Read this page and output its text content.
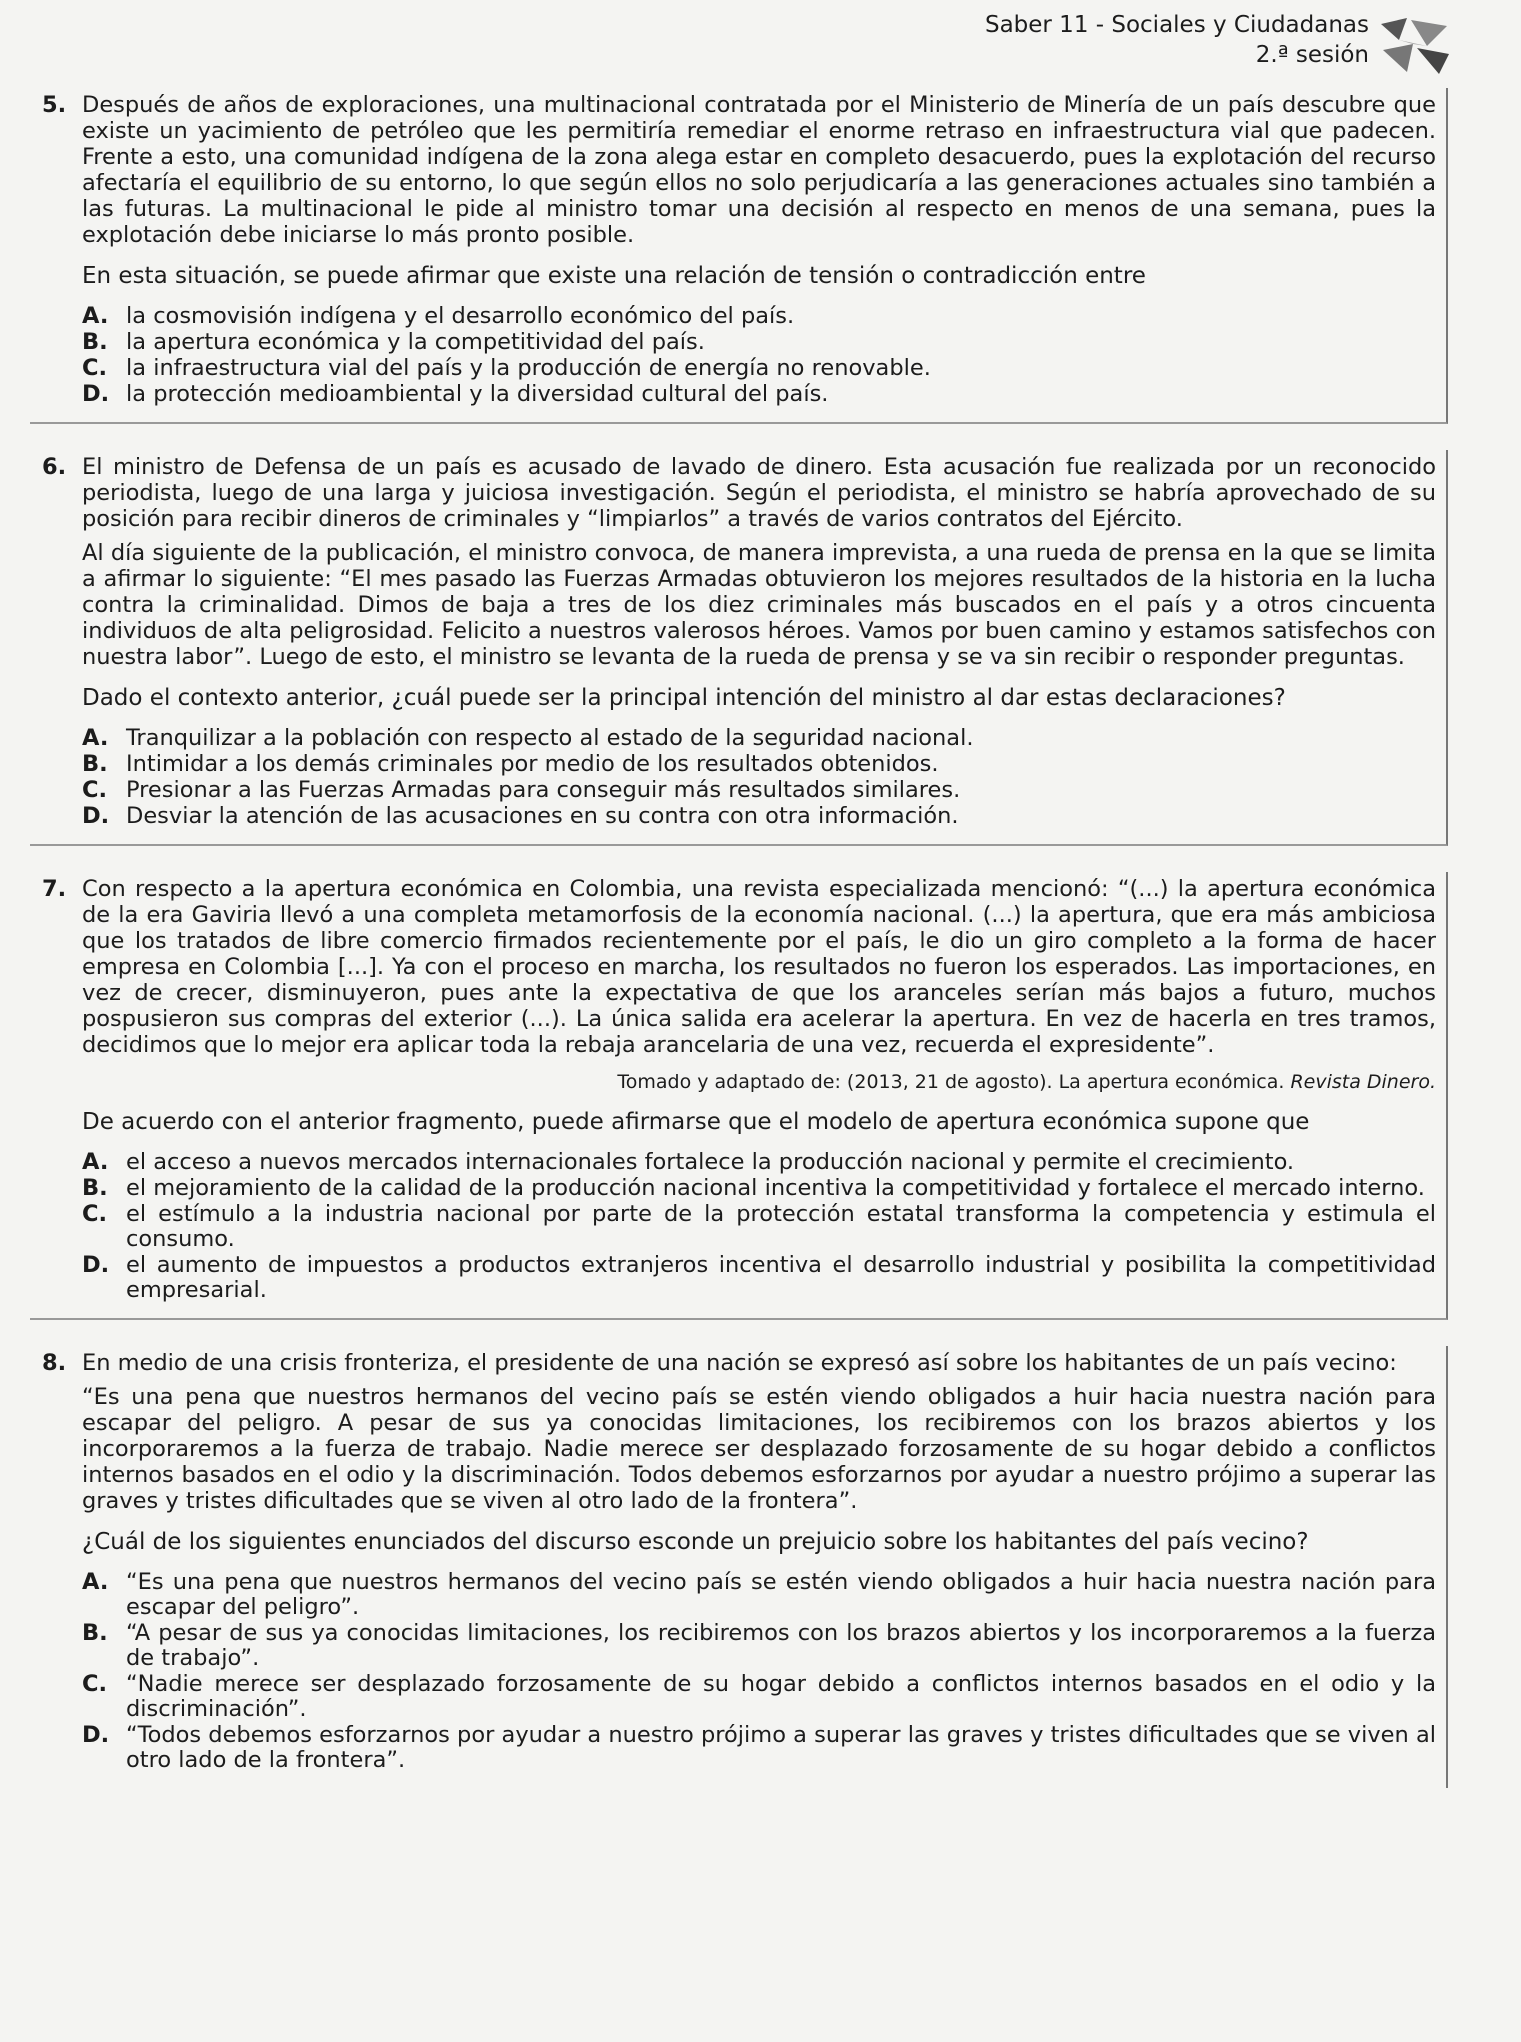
Saber 11 - Sociales y Ciudadanas
2.ª sesión

5. Después de años de exploraciones, una multinacional contratada por el Ministerio de Minería de un país descubre que existe un yacimiento de petróleo que les permitiría remediar el enorme retraso en infraestructura vial que padecen. Frente a esto, una comunidad indígena de la zona alega estar en completo desacuerdo, pues la explotación del recurso afectaría el equilibrio de su entorno, lo que según ellos no solo perjudicaría a las generaciones actuales sino también a las futuras. La multinacional le pide al ministro tomar una decisión al respecto en menos de una semana, pues la explotación debe iniciarse lo más pronto posible.

En esta situación, se puede afirmar que existe una relación de tensión o contradicción entre

A. la cosmovisión indígena y el desarrollo económico del país.
B. la apertura económica y la competitividad del país.
C. la infraestructura vial del país y la producción de energía no renovable.
D. la protección medioambiental y la diversidad cultural del país.

6. El ministro de Defensa de un país es acusado de lavado de dinero. Esta acusación fue realizada por un reconocido periodista, luego de una larga y juiciosa investigación. Según el periodista, el ministro se habría aprovechado de su posición para recibir dineros de criminales y “limpiarlos” a través de varios contratos del Ejército.

Al día siguiente de la publicación, el ministro convoca, de manera imprevista, a una rueda de prensa en la que se limita a afirmar lo siguiente: “El mes pasado las Fuerzas Armadas obtuvieron los mejores resultados de la historia en la lucha contra la criminalidad. Dimos de baja a tres de los diez criminales más buscados en el país y a otros cincuenta individuos de alta peligrosidad. Felicito a nuestros valerosos héroes. Vamos por buen camino y estamos satisfechos con nuestra labor”. Luego de esto, el ministro se levanta de la rueda de prensa y se va sin recibir o responder preguntas.

Dado el contexto anterior, ¿cuál puede ser la principal intención del ministro al dar estas declaraciones?

A. Tranquilizar a la población con respecto al estado de la seguridad nacional.
B. Intimidar a los demás criminales por medio de los resultados obtenidos.
C. Presionar a las Fuerzas Armadas para conseguir más resultados similares.
D. Desviar la atención de las acusaciones en su contra con otra información.

7. Con respecto a la apertura económica en Colombia, una revista especializada mencionó: “(...) la apertura económica de la era Gaviria llevó a una completa metamorfosis de la economía nacional. (...) la apertura, que era más ambiciosa que los tratados de libre comercio firmados recientemente por el país, le dio un giro completo a la forma de hacer empresa en Colombia [...]. Ya con el proceso en marcha, los resultados no fueron los esperados. Las importaciones, en vez de crecer, disminuyeron, pues ante la expectativa de que los aranceles serían más bajos a futuro, muchos pospusieron sus compras del exterior (...). La única salida era acelerar la apertura. En vez de hacerla en tres tramos, decidimos que lo mejor era aplicar toda la rebaja arancelaria de una vez, recuerda el expresidente”.

Tomado y adaptado de: (2013, 21 de agosto). La apertura económica. Revista Dinero.

De acuerdo con el anterior fragmento, puede afirmarse que el modelo de apertura económica supone que

A. el acceso a nuevos mercados internacionales fortalece la producción nacional y permite el crecimiento.
B. el mejoramiento de la calidad de la producción nacional incentiva la competitividad y fortalece el mercado interno.
C. el estímulo a la industria nacional por parte de la protección estatal transforma la competencia y estimula el consumo.
D. el aumento de impuestos a productos extranjeros incentiva el desarrollo industrial y posibilita la competitividad empresarial.

8. En medio de una crisis fronteriza, el presidente de una nación se expresó así sobre los habitantes de un país vecino:

“Es una pena que nuestros hermanos del vecino país se estén viendo obligados a huir hacia nuestra nación para escapar del peligro. A pesar de sus ya conocidas limitaciones, los recibiremos con los brazos abiertos y los incorporaremos a la fuerza de trabajo. Nadie merece ser desplazado forzosamente de su hogar debido a conflictos internos basados en el odio y la discriminación. Todos debemos esforzarnos por ayudar a nuestro prójimo a superar las graves y tristes dificultades que se viven al otro lado de la frontera”.

¿Cuál de los siguientes enunciados del discurso esconde un prejuicio sobre los habitantes del país vecino?

A. “Es una pena que nuestros hermanos del vecino país se estén viendo obligados a huir hacia nuestra nación para escapar del peligro”.
B. “A pesar de sus ya conocidas limitaciones, los recibiremos con los brazos abiertos y los incorporaremos a la fuerza de trabajo”.
C. “Nadie merece ser desplazado forzosamente de su hogar debido a conflictos internos basados en el odio y la discriminación”.
D. “Todos debemos esforzarnos por ayudar a nuestro prójimo a superar las graves y tristes dificultades que se viven al otro lado de la frontera”.
